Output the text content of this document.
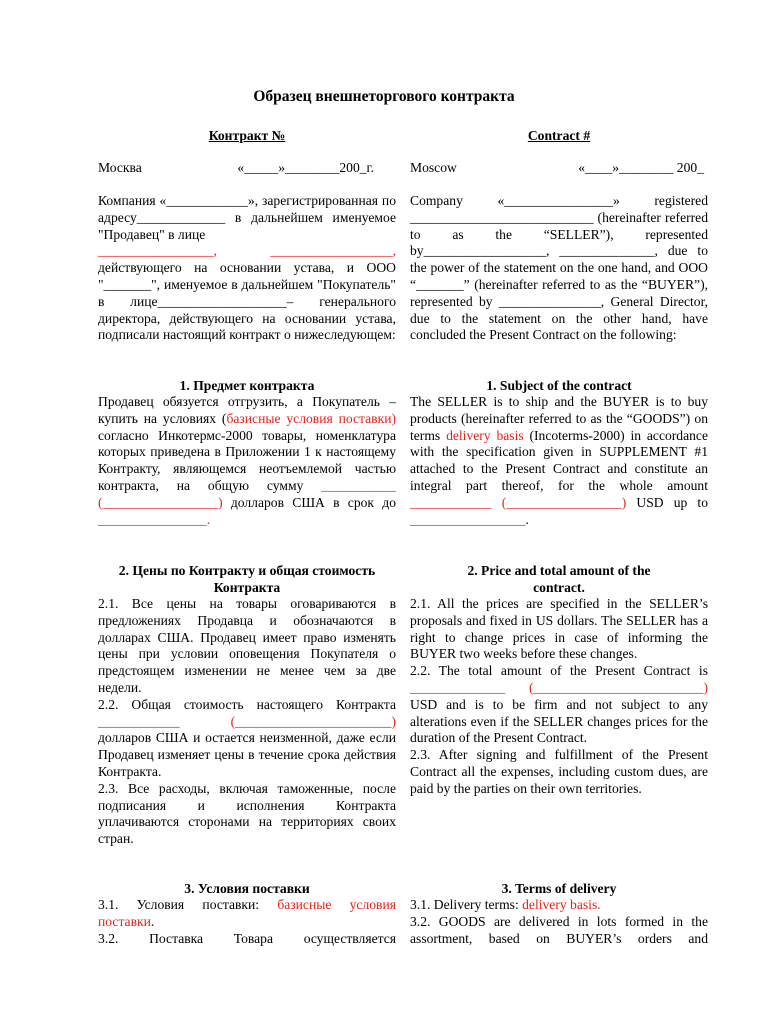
Образец внешнеторгового контракта

Контракт №

Москва	«_____»________200_г.

Компания «____________», зарегистрированная по адресу_____________ в дальнейшем именуемое "Продавец" в лице

_________________,	__________________,

действующего на основании устава, и ООО "_______", именуемое в дальнейшем "Покупатель" в лице___________________– генерального директора, действующего на основании устава, подписали настоящий контракт о нижеследующем:

1. Предмет контракта

Продавец обязуется отгрузить, а Покупатель – купить на условиях (базисные условия поставки) согласно Инкотермс-2000 товары, номенклатура которых приведена в Приложении 1 к настоящему Контракту, являющемся неотъемлемой частью контракта, на общую сумму ___________ (_________________) долларов США в срок до ________________.

2. Цены по Контракту и общая стоимость

Контракта

2.1. Все цены на товары оговариваются в предложениях Продавца и обозначаются в долларах США. Продавец имеет право изменять цены при условии оповещения Покупателя о предстоящем изменении не менее чем за две недели.

2.2. Общая стоимость настоящего Контракта ____________	(_______________________) долларов США и остается неизменной, даже если Продавец изменяет цены в течение срока действия Контракта.

2.3. Все расходы, включая таможенные, после подписания и исполнения Контракта уплачиваются сторонами на территориях своих стран.

3. Условия поставки

3.1. Условия поставки: базисные условия поставки.

3.2. Поставка Товара осуществляется

Contract #

Moscow	«____»________ 200_

Company «________________» registered ___________________________ (hereinafter referred to as the “SELLER”), represented by__________________, ______________, due to the power of the statement on the one hand, and OOO “_______” (hereinafter referred to as the “BUYER”), represented by _______________, General Director, due to the statement on the other hand, have concluded the Present Contract on the following:

1. Subject of the contract

The SELLER is to ship and the BUYER is to buy products (hereinafter referred to as the “GOODS”) on terms delivery basis (Incoterms-2000) in accordance with the specification given in SUPPLEMENT #1 attached to the Present Contract and constitute an integral part thereof, for the whole amount ____________ (_________________) USD up to _________________.

2. Price and total amount of the

contract.

2.1. All the prices are specified in the SELLER’s proposals and fixed in US dollars. The SELLER has a right to change prices in case of informing the BUYER two weeks before these changes.

2.2. The total amount of the Present Contract is ______________ (_________________________) USD and is to be firm and not subject to any alterations even if the SELLER changes prices for the duration of the Present Contract.

2.3. After signing and fulfillment of the Present Contract all the expenses, including custom dues, are paid by the parties on their own territories.

3. Terms of delivery

3.1. Delivery terms: delivery basis.

3.2. GOODS are delivered in lots formed in the assortment, based on BUYER’s orders and
